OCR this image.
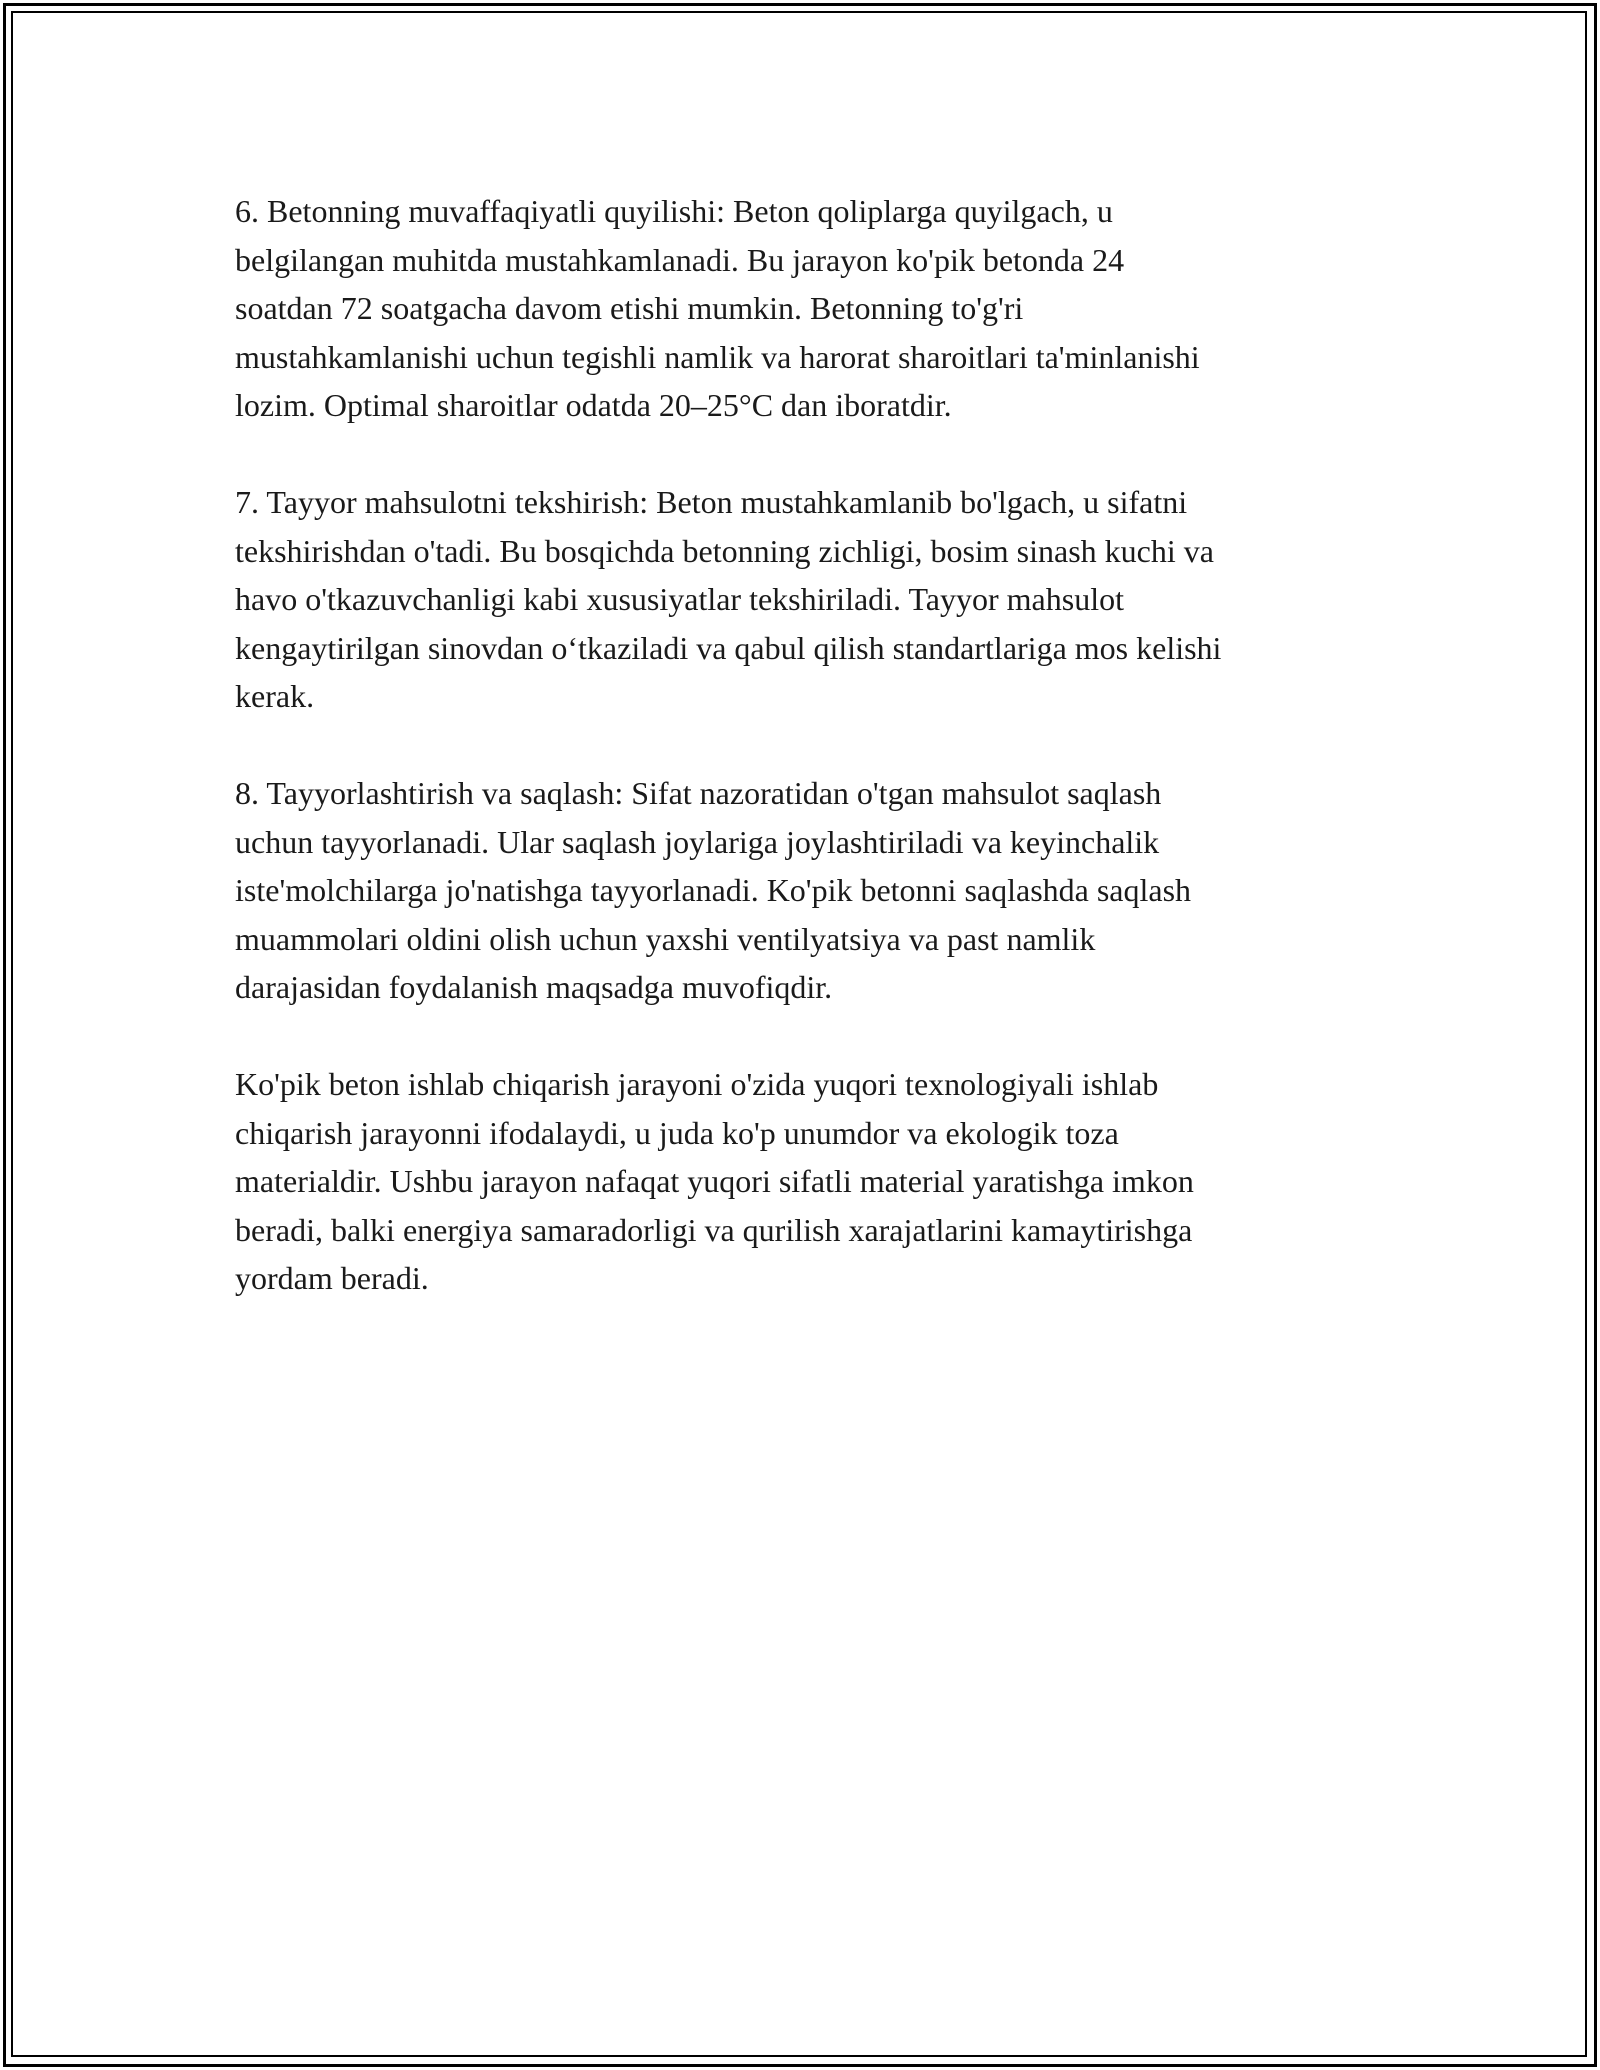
6. Betonning muvaffaqiyatli quyilishi: Beton qoliplarga quyilgach, u
belgilangan muhitda mustahkamlanadi. Bu jarayon ko'pik betonda 24
soatdan 72 soatgacha davom etishi mumkin. Betonning to'g'ri
mustahkamlanishi uchun tegishli namlik va harorat sharoitlari ta'minlanishi
lozim. Optimal sharoitlar odatda 20–25°C dan iboratdir.

7. Tayyor mahsulotni tekshirish: Beton mustahkamlanib bo'lgach, u sifatni
tekshirishdan o'tadi. Bu bosqichda betonning zichligi, bosim sinash kuchi va
havo o'tkazuvchanligi kabi xususiyatlar tekshiriladi. Tayyor mahsulot
kengaytirilgan sinovdan o‘tkaziladi va qabul qilish standartlariga mos kelishi
kerak.

8. Tayyorlashtirish va saqlash: Sifat nazoratidan o'tgan mahsulot saqlash
uchun tayyorlanadi. Ular saqlash joylariga joylashtiriladi va keyinchalik
iste'molchilarga jo'natishga tayyorlanadi. Ko'pik betonni saqlashda saqlash
muammolari oldini olish uchun yaxshi ventilyatsiya va past namlik
darajasidan foydalanish maqsadga muvofiqdir.

Ko'pik beton ishlab chiqarish jarayoni o'zida yuqori texnologiyali ishlab
chiqarish jarayonni ifodalaydi, u juda ko'p unumdor va ekologik toza
materialdir. Ushbu jarayon nafaqat yuqori sifatli material yaratishga imkon
beradi, balki energiya samaradorligi va qurilish xarajatlarini kamaytirishga
yordam beradi.
